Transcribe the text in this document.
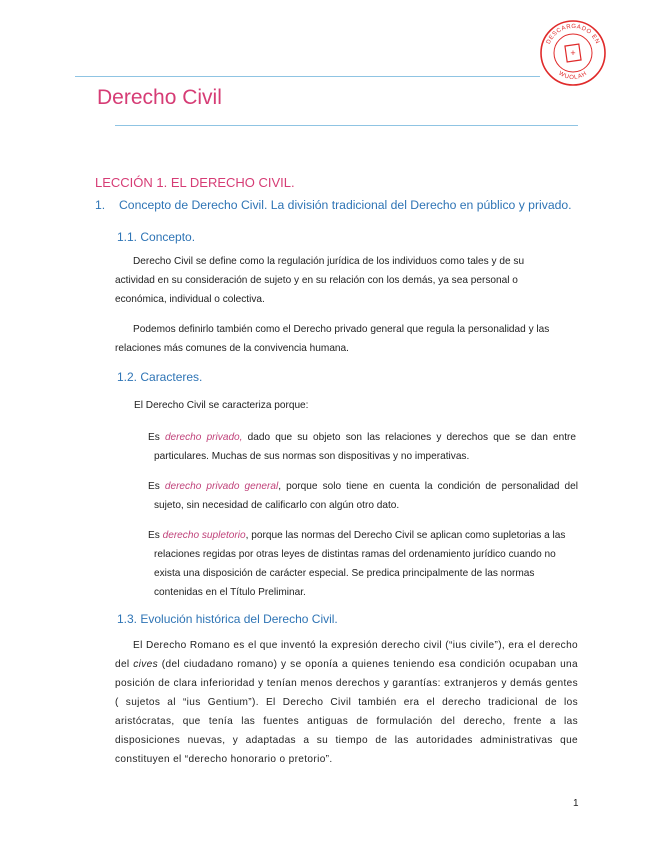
DESCARGADO EN
WUOLAH
+
Derecho Civil
LECCIÓN 1. EL DERECHO CIVIL.
1. Concepto de Derecho Civil. La división tradicional del Derecho en público y privado.
1.1. Concepto.

Derecho Civil se define como la regulación jurídica de los individuos como tales y de su actividad en su consideración de sujeto y en su relación con los demás, ya sea personal o económica, individual o colectiva.

Podemos definirlo también como el Derecho privado general que regula la personalidad y las relaciones más comunes de la convivencia humana.

1.2. Caracteres.

El Derecho Civil se caracteriza porque:

Es derecho privado, dado que su objeto son las relaciones y derechos que se dan entre particulares. Muchas de sus normas son dispositivas y no imperativas.

Es derecho privado general, porque solo tiene en cuenta la condición de personalidad del sujeto, sin necesidad de calificarlo con algún otro dato.

Es derecho supletorio, porque las normas del Derecho Civil se aplican como supletorias a las relaciones regidas por otras leyes de distintas ramas del ordenamiento jurídico cuando no exista una disposición de carácter especial. Se predica principalmente de las normas contenidas en el Título Preliminar.

1.3. Evolución histórica del Derecho Civil.

El Derecho Romano es el que inventó la expresión derecho civil (“ius civile”), era el derecho del cives (del ciudadano romano) y se oponía a quienes teniendo esa condición ocupaban una posición de clara inferioridad y tenían menos derechos y garantías: extranjeros y demás gentes ( sujetos al “ius Gentium”). El Derecho Civil también era el derecho tradicional de los aristócratas, que tenía las fuentes antiguas de formulación del derecho, frente a las disposiciones nuevas, y adaptadas a su tiempo de las autoridades administrativas que constituyen el “derecho honorario o pretorio”.

1
